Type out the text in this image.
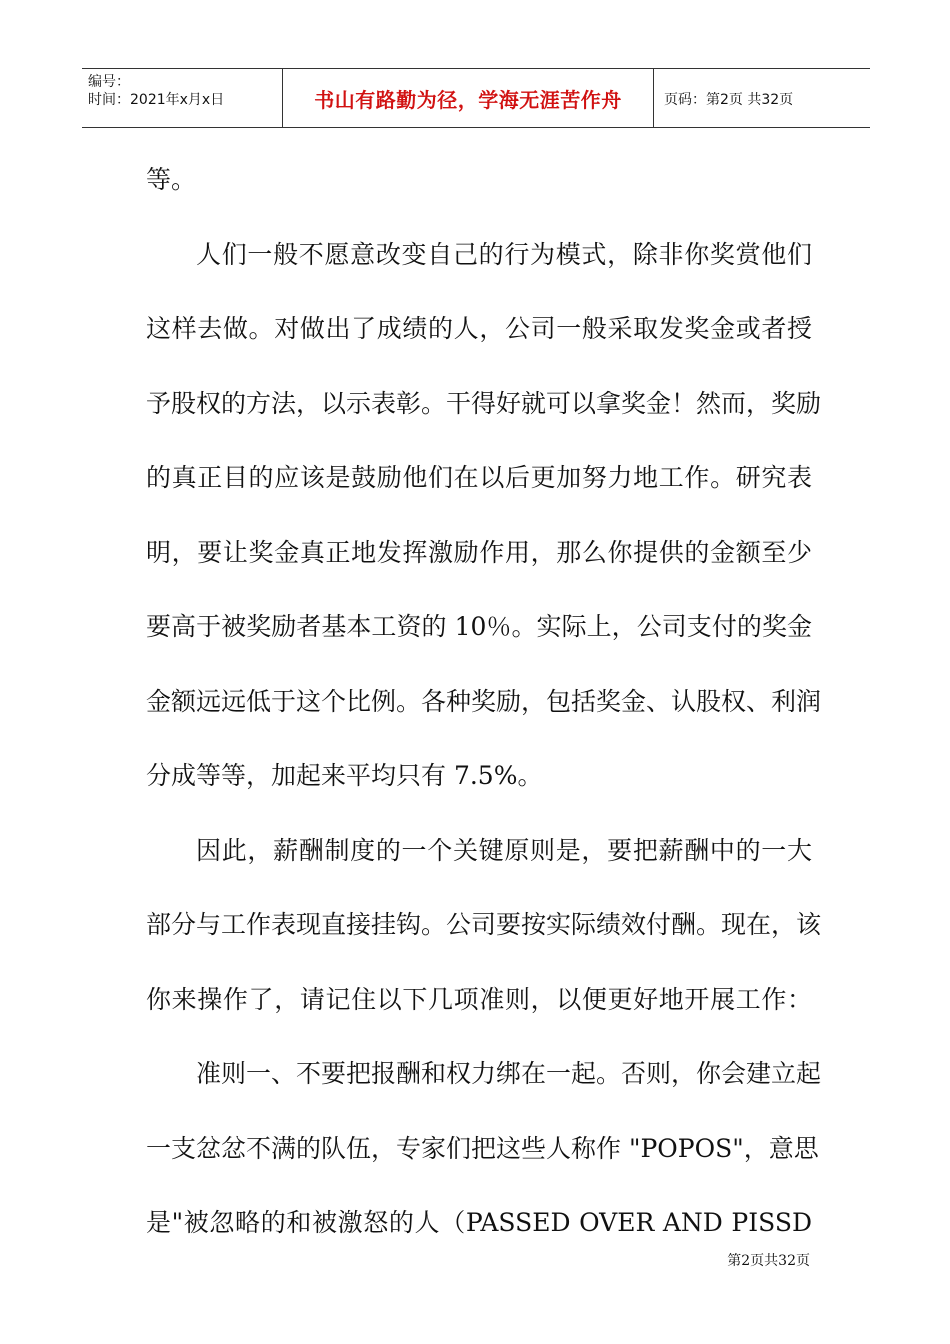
编号：
时间：2021年x月x日	书山有路勤为径，学海无涯苦作舟	页码：第2页 共32页
等。
人们一般不愿意改变自己的行为模式，除非你奖赏他们
这样去做。对做出了成绩的人，公司一般采取发奖金或者授
予股权的方法，以示表彰。干得好就可以拿奖金！然而，奖励
的真正目的应该是鼓励他们在以后更加努力地工作。研究表
明，要让奖金真正地发挥激励作用，那么你提供的金额至少
要高于被奖励者基本工资的 10％。实际上，公司支付的奖金
金额远远低于这个比例。各种奖励，包括奖金、认股权、利润
分成等等，加起来平均只有 7.5%。
因此，薪酬制度的一个关键原则是，要把薪酬中的一大
部分与工作表现直接挂钩。公司要按实际绩效付酬。现在，该
你来操作了，请记住以下几项准则，以便更好地开展工作：
准则一、不要把报酬和权力绑在一起。否则，你会建立起
一支忿忿不满的队伍，专家们把这些人称作 "POPOS"，意思
是"被忽略的和被激怒的人（PASSED OVER AND PISSD
第2页共32页
